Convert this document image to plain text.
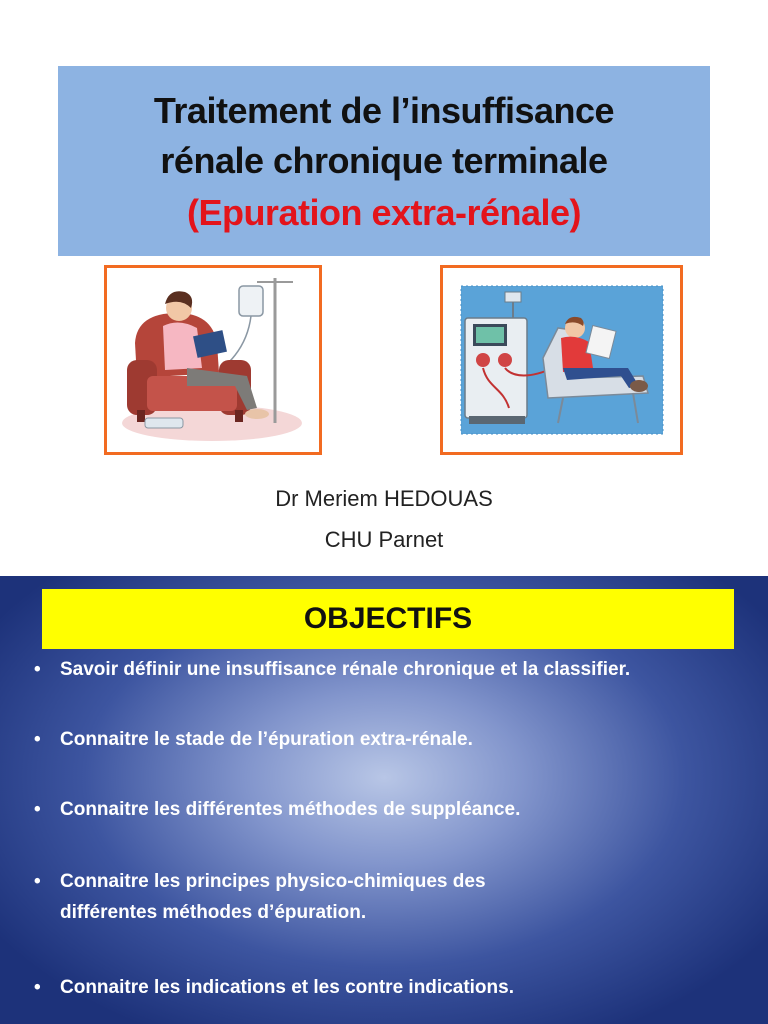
Traitement de l’insuffisance
rénale chronique terminale
(Epuration extra-rénale)
Dr Meriem HEDOUAS
CHU Parnet
OBJECTIFS
• Savoir définir une insuffisance rénale chronique et la classifier.
• Connaitre le stade de l’épuration extra-rénale.
• Connaitre les différentes méthodes de suppléance.
• Connaitre les principes physico-chimiques des
différentes méthodes d’épuration.
• Connaitre les indications et les contre indications.
